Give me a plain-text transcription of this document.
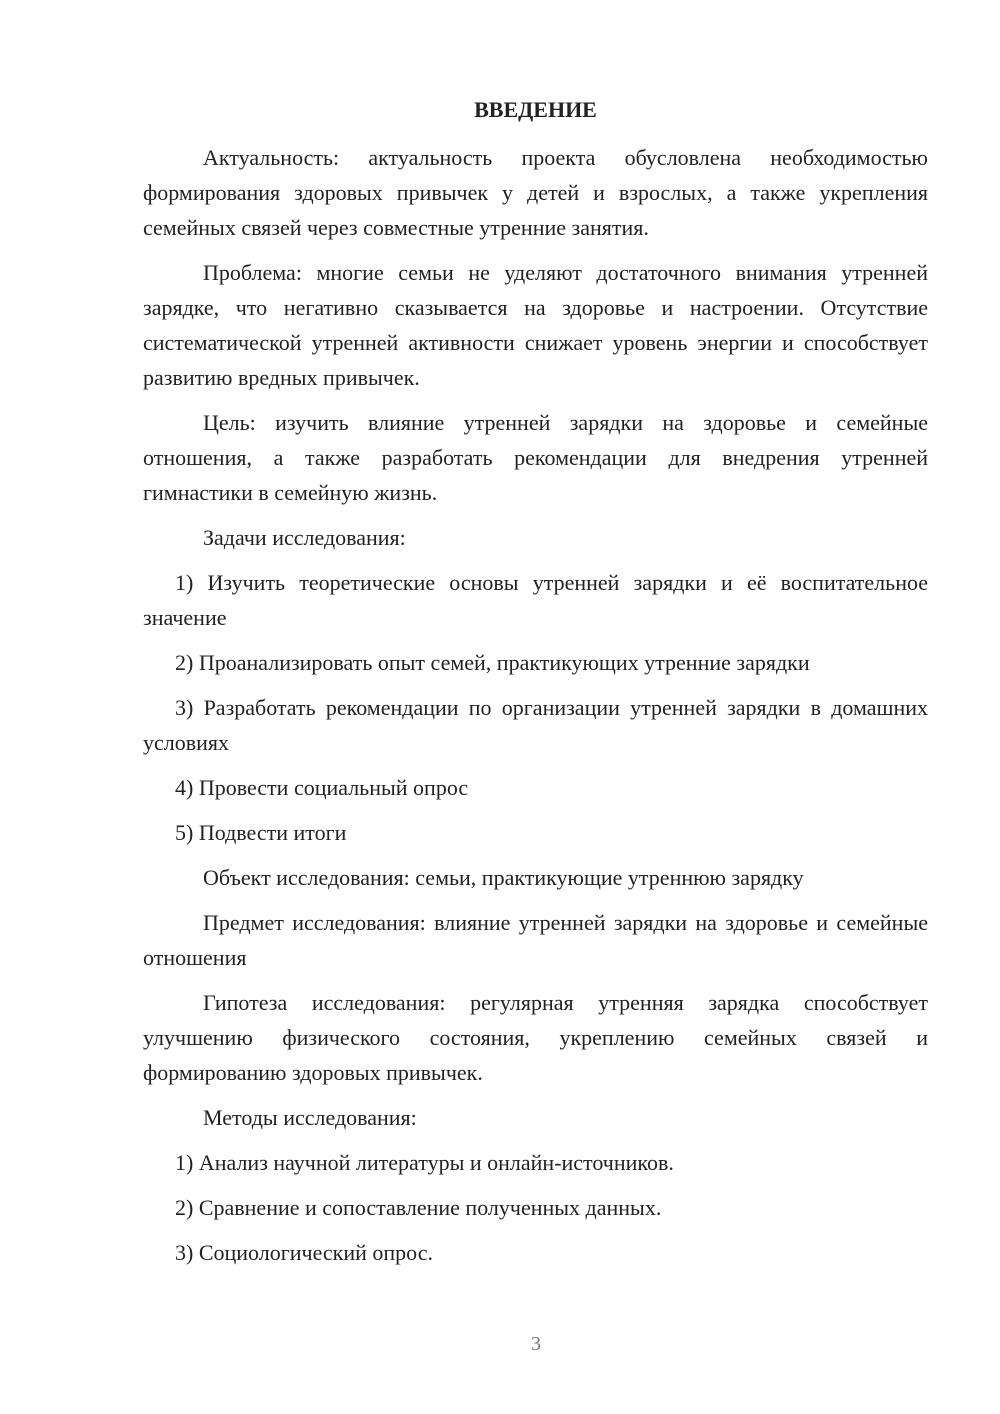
ВВЕДЕНИЕ

Актуальность: актуальность проекта обусловлена необходимостью формирования здоровых привычек у детей и взрослых, а также укрепления семейных связей через совместные утренние занятия.

Проблема: многие семьи не уделяют достаточного внимания утренней зарядке, что негативно сказывается на здоровье и настроении. Отсутствие систематической утренней активности снижает уровень энергии и способствует развитию вредных привычек.

Цель: изучить влияние утренней зарядки на здоровье и семейные отношения, а также разработать рекомендации для внедрения утренней гимнастики в семейную жизнь.

Задачи исследования:

1) Изучить теоретические основы утренней зарядки и её воспитательное значение

2) Проанализировать опыт семей, практикующих утренние зарядки

3) Разработать рекомендации по организации утренней зарядки в домашних условиях

4) Провести социальный опрос

5) Подвести итоги

Объект исследования: семьи, практикующие утреннюю зарядку

Предмет исследования: влияние утренней зарядки на здоровье и семейные отношения

Гипотеза исследования: регулярная утренняя зарядка способствует улучшению физического состояния, укреплению семейных связей и формированию здоровых привычек.

Методы исследования:

1) Анализ научной литературы и онлайн-источников.

2) Сравнение и сопоставление полученных данных.

3) Социологический опрос.

3
